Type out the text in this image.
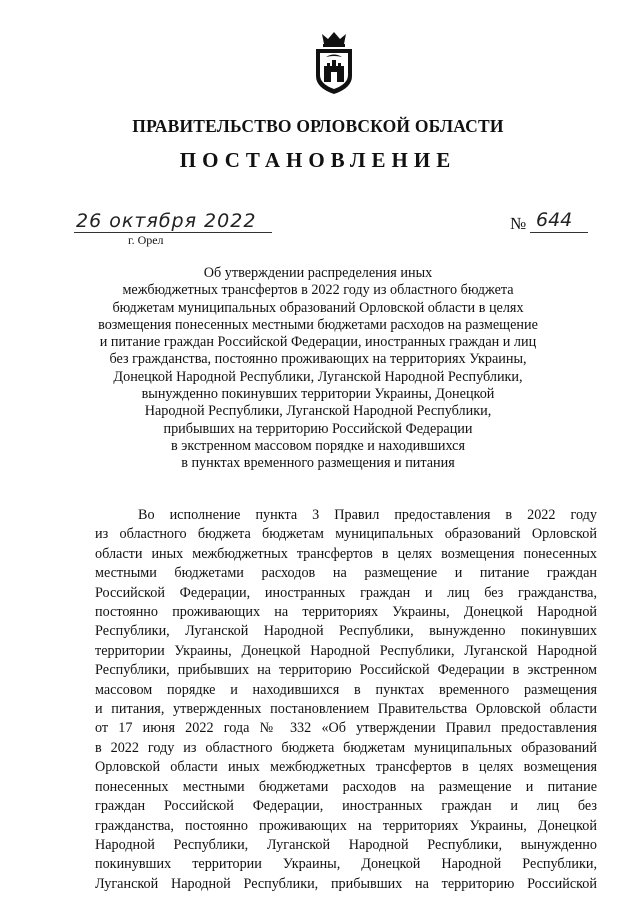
ПРАВИТЕЛЬСТВО ОРЛОВСКОЙ ОБЛАСТИ
ПОСТАНОВЛЕНИЕ
26 октября 2022
г. Орел
№ 644
Об утверждении распределения иных
межбюджетных трансфертов в 2022 году из областного бюджета
бюджетам муниципальных образований Орловской области в целях
возмещения понесенных местными бюджетами расходов на размещение
и питание граждан Российской Федерации, иностранных граждан и лиц
без гражданства, постоянно проживающих на территориях Украины,
Донецкой Народной Республики, Луганской Народной Республики,
вынужденно покинувших территории Украины, Донецкой
Народной Республики, Луганской Народной Республики,
прибывших на территорию Российской Федерации
в экстренном массовом порядке и находившихся
в пунктах временного размещения и питания
Во исполнение пункта 3 Правил предоставления в 2022 году
из областного бюджета бюджетам муниципальных образований Орловской
области иных межбюджетных трансфертов в целях возмещения понесенных
местными бюджетами расходов на размещение и питание граждан
Российской Федерации, иностранных граждан и лиц без гражданства,
постоянно проживающих на территориях Украины, Донецкой Народной
Республики, Луганской Народной Республики, вынужденно покинувших
территории Украины, Донецкой Народной Республики, Луганской Народной
Республики, прибывших на территорию Российской Федерации в экстренном
массовом порядке и находившихся в пунктах временного размещения
и питания, утвержденных постановлением Правительства Орловской области
от 17 июня 2022 года № 332 «Об утверждении Правил предоставления
в 2022 году из областного бюджета бюджетам муниципальных образований
Орловской области иных межбюджетных трансфертов в целях возмещения
понесенных местными бюджетами расходов на размещение и питание
граждан Российской Федерации, иностранных граждан и лиц без
гражданства, постоянно проживающих на территориях Украины, Донецкой
Народной Республики, Луганской Народной Республики, вынужденно
покинувших территории Украины, Донецкой Народной Республики,
Луганской Народной Республики, прибывших на территорию Российской
